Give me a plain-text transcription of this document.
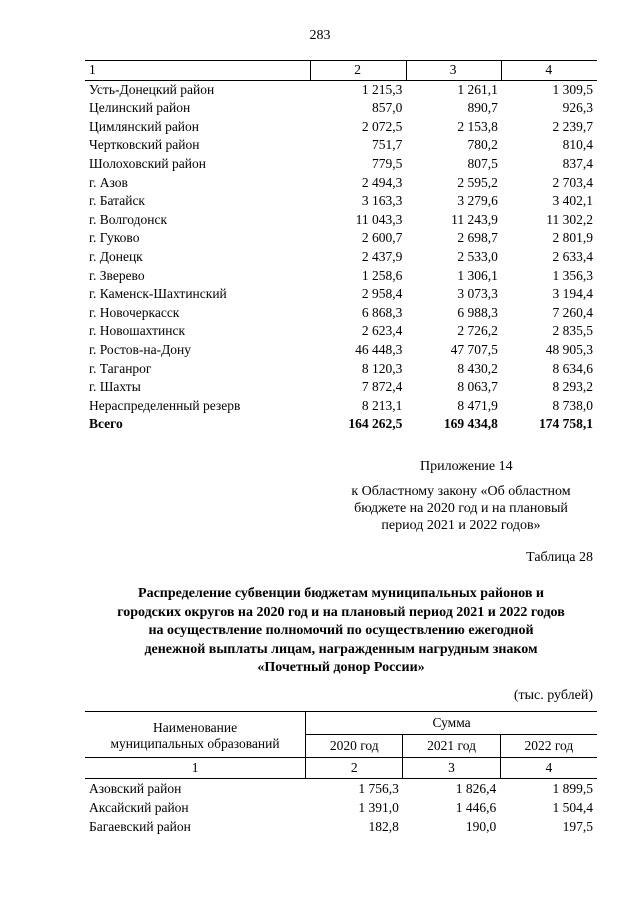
283
1	2	3	4
Усть-Донецкий район	1 215,3	1 261,1	1 309,5
Целинский район	857,0	890,7	926,3
Цимлянский район	2 072,5	2 153,8	2 239,7
Чертковский район	751,7	780,2	810,4
Шолоховский район	779,5	807,5	837,4
г. Азов	2 494,3	2 595,2	2 703,4
г. Батайск	3 163,3	3 279,6	3 402,1
г. Волгодонск	11 043,3	11 243,9	11 302,2
г. Гуково	2 600,7	2 698,7	2 801,9
г. Донецк	2 437,9	2 533,0	2 633,4
г. Зверево	1 258,6	1 306,1	1 356,3
г. Каменск-Шахтинский	2 958,4	3 073,3	3 194,4
г. Новочеркасск	6 868,3	6 988,3	7 260,4
г. Новошахтинск	2 623,4	2 726,2	2 835,5
г. Ростов-на-Дону	46 448,3	47 707,5	48 905,3
г. Таганрог	8 120,3	8 430,2	8 634,6
г. Шахты	7 872,4	8 063,7	8 293,2
Нераспределенный резерв	8 213,1	8 471,9	8 738,0
Всего	164 262,5	169 434,8	174 758,1
Приложение 14
к Областному закону «Об областном
бюджете на 2020 год и на плановый
период 2021 и 2022 годов»
Таблица 28
Распределение субвенции бюджетам муниципальных районов и
городских округов на 2020 год и на плановый период 2021 и 2022 годов
на осуществление полномочий по осуществлению ежегодной
денежной выплаты лицам, награжденным нагрудным знаком
«Почетный донор России»
(тыс. рублей)
Наименование
муниципальных образований	Сумма		
	2020 год	2021 год	2022 год
1	2	3	4
Азовский район	1 756,3	1 826,4	1 899,5
Аксайский район	1 391,0	1 446,6	1 504,4
Багаевский район	182,8	190,0	197,5
